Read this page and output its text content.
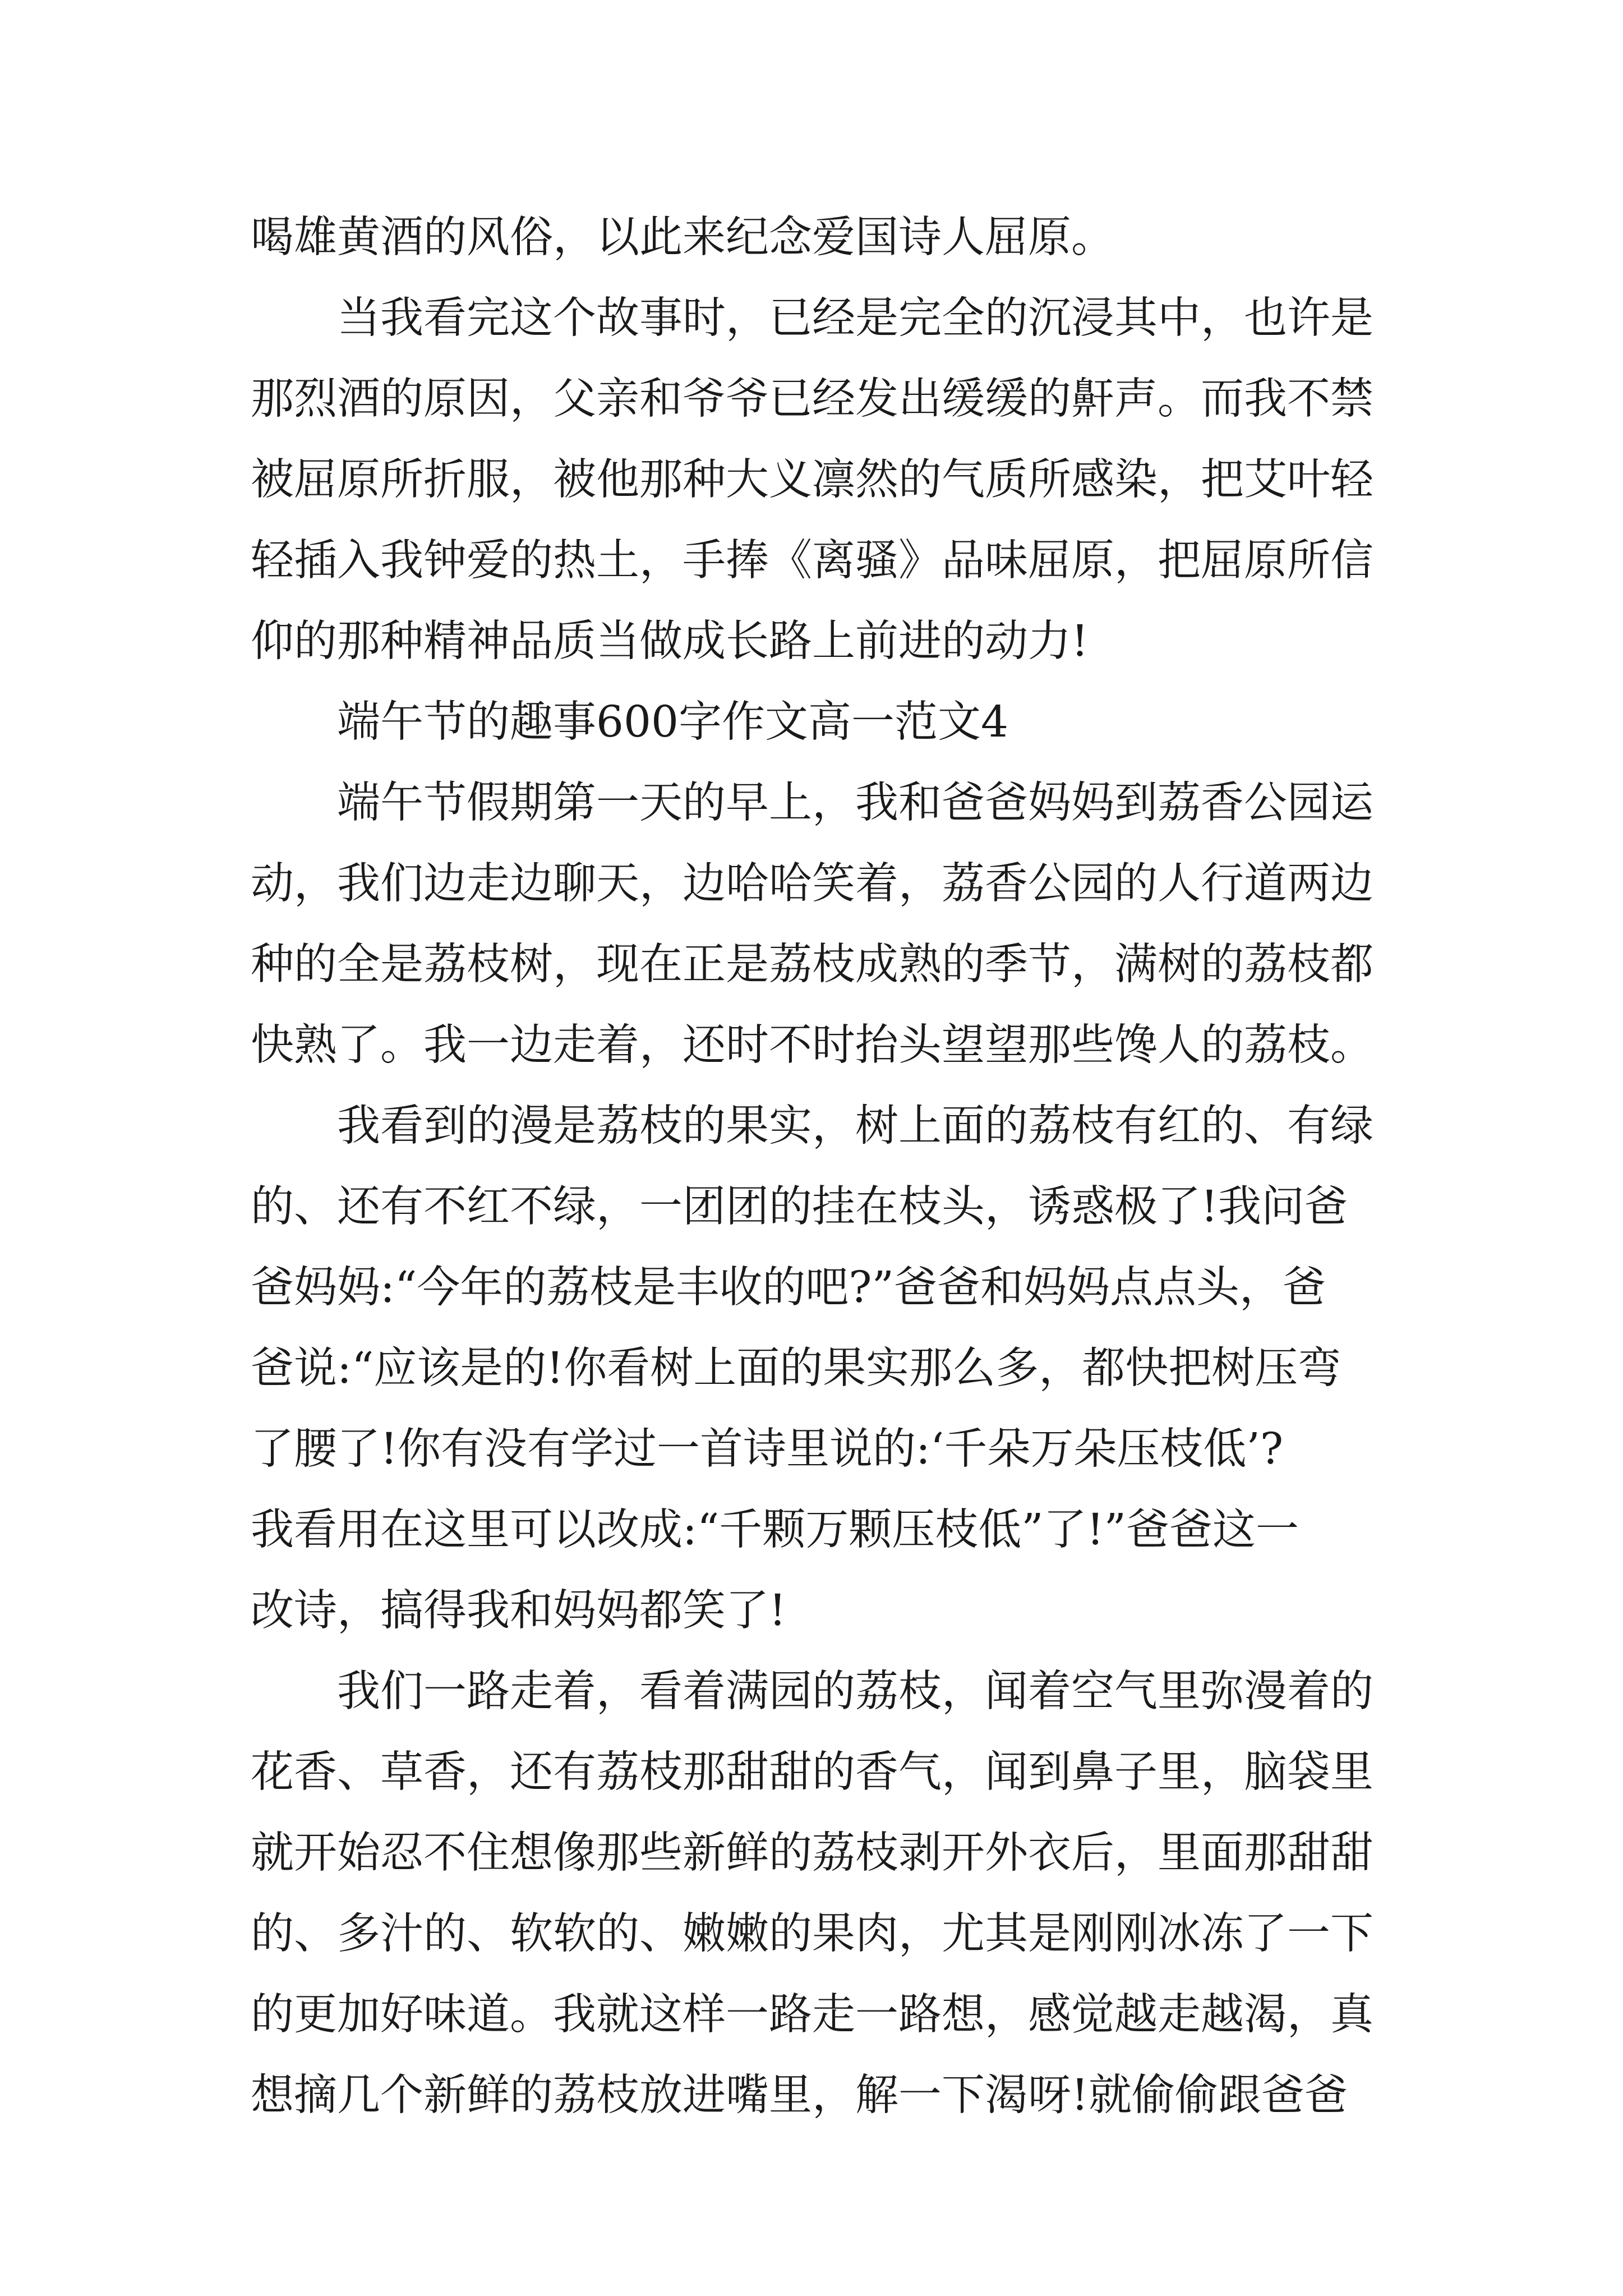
喝雄黄酒的风俗，以此来纪念爱国诗人屈原。
当我看完这个故事时，已经是完全的沉浸其中，也许是
那烈酒的原因，父亲和爷爷已经发出缓缓的鼾声。而我不禁
被屈原所折服，被他那种大义凛然的气质所感染，把艾叶轻
轻插入我钟爱的热土，手捧《离骚》品味屈原，把屈原所信
仰的那种精神品质当做成长路上前进的动力!
端午节的趣事600字作文高一范文4
端午节假期第一天的早上，我和爸爸妈妈到荔香公园运
动，我们边走边聊天，边哈哈笑着，荔香公园的人行道两边
种的全是荔枝树，现在正是荔枝成熟的季节，满树的荔枝都
快熟了。我一边走着，还时不时抬头望望那些馋人的荔枝。
我看到的漫是荔枝的果实，树上面的荔枝有红的、有绿
的、还有不红不绿，一团团的挂在枝头，诱惑极了!我问爸
爸妈妈:“今年的荔枝是丰收的吧?”爸爸和妈妈点点头，爸
爸说:“应该是的!你看树上面的果实那么多，都快把树压弯
了腰了!你有没有学过一首诗里说的:‘千朵万朵压枝低’?
我看用在这里可以改成:“千颗万颗压枝低”了!”爸爸这一
改诗，搞得我和妈妈都笑了!
我们一路走着，看着满园的荔枝，闻着空气里弥漫着的
花香、草香，还有荔枝那甜甜的香气，闻到鼻子里，脑袋里
就开始忍不住想像那些新鲜的荔枝剥开外衣后，里面那甜甜
的、多汁的、软软的、嫩嫩的果肉，尤其是刚刚冰冻了一下
的更加好味道。我就这样一路走一路想，感觉越走越渴，真
想摘几个新鲜的荔枝放进嘴里，解一下渴呀!就偷偷跟爸爸
